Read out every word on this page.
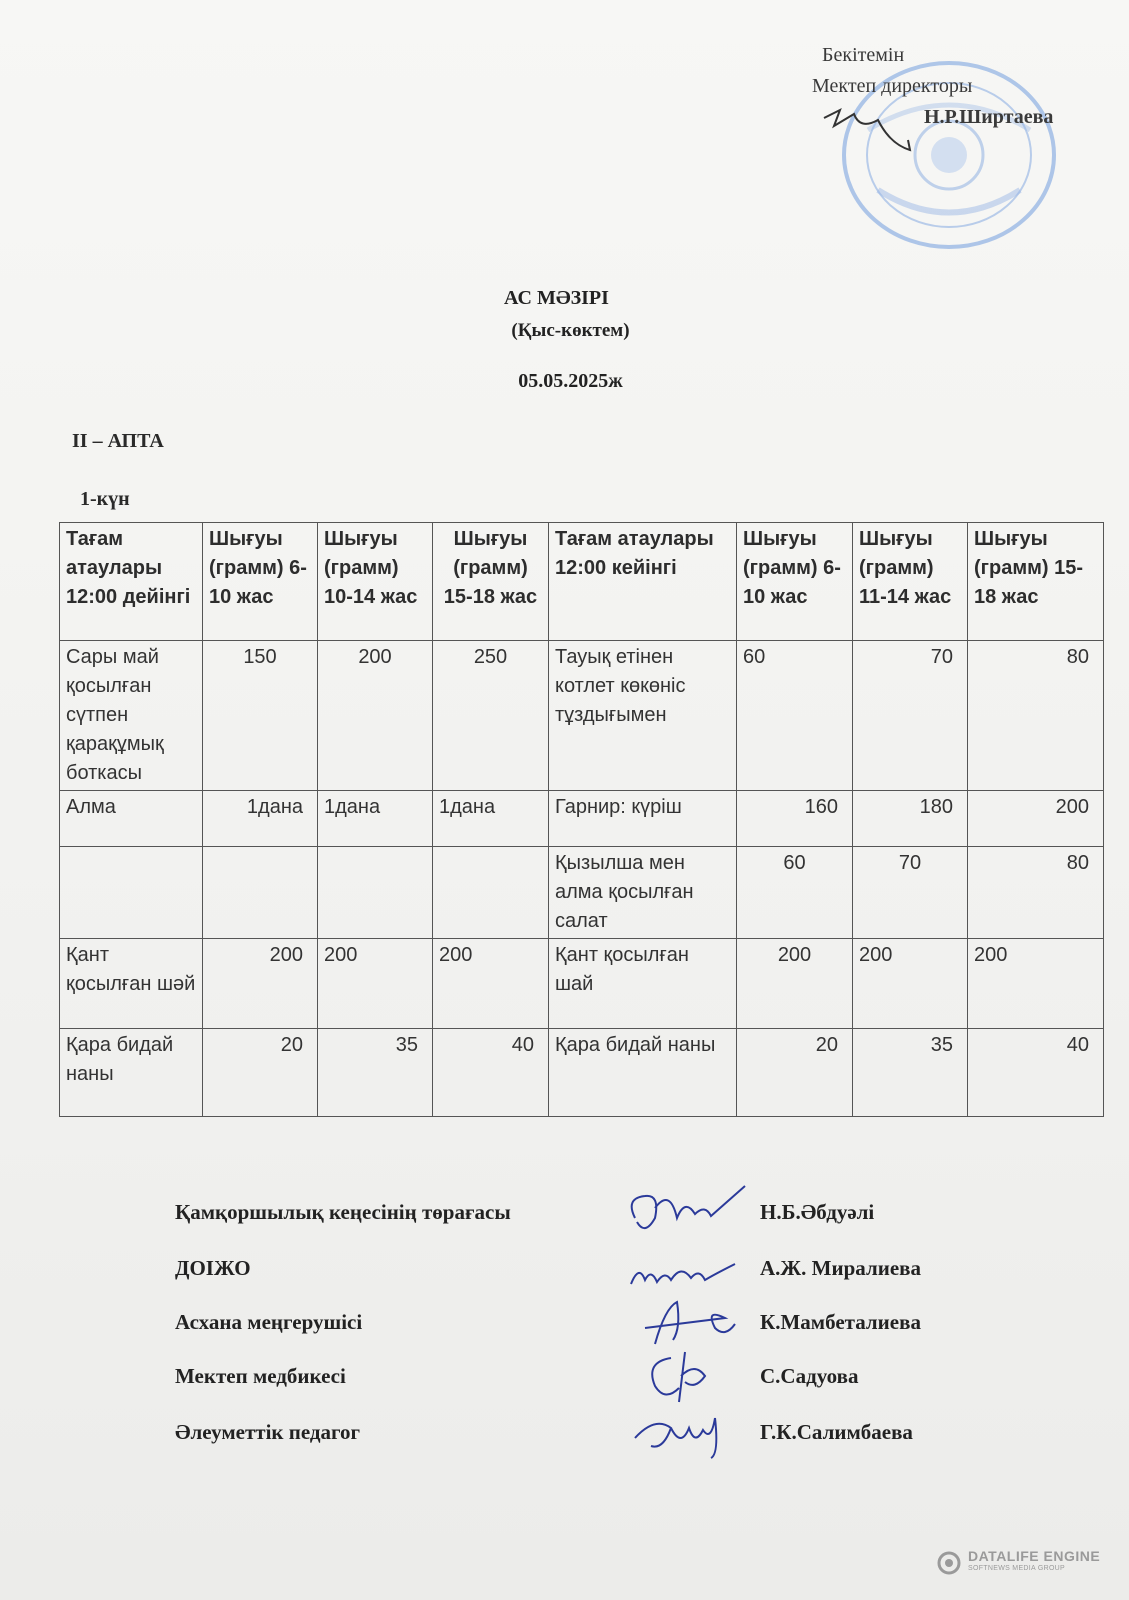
Бекітемін
Мектеп директоры
Н.Р.Ширтаева
АС МӘЗІРІ
(Қыс-көктем)
05.05.2025ж
ІІ – АПТА
1-күн
Тағам атаулары 12:00 дейінгі	Шығуы (грамм) 6-10 жас	Шығуы (грамм) 10-14 жас	Шығуы (грамм) 15-18 жас	Тағам атаулары 12:00 кейінгі	Шығуы (грамм) 6-10 жас	Шығуы (грамм) 11-14 жас	Шығуы (грамм) 15-18 жас
Сары май қосылған сүтпен қарақұмық боткасы	150	200	250	Тауық етінен котлет көкөніс тұздығымен	60	70	80
Алма	1дана	1дана	1дана	Гарнир: күріш	160	180	200
				Қызылша мен алма қосылған салат	60	70	80
Қант қосылған шәй	200	200	200	Қант қосылған шай	200	200	200
Қара бидай наны	20	35	40	Қара бидай наны	20	35	40
Қамқоршылық кеңесінің төрағасы	Н.Б.Әбдуәлі
ДОІЖО	А.Ж. Миралиева
Асхана меңгерушісі	К.Мамбеталиева
Мектеп медбикесі	С.Садуова
Әлеуметтік педагог	Г.К.Салимбаева
DATALIFE ENGINE
SOFTNEWS MEDIA GROUP
